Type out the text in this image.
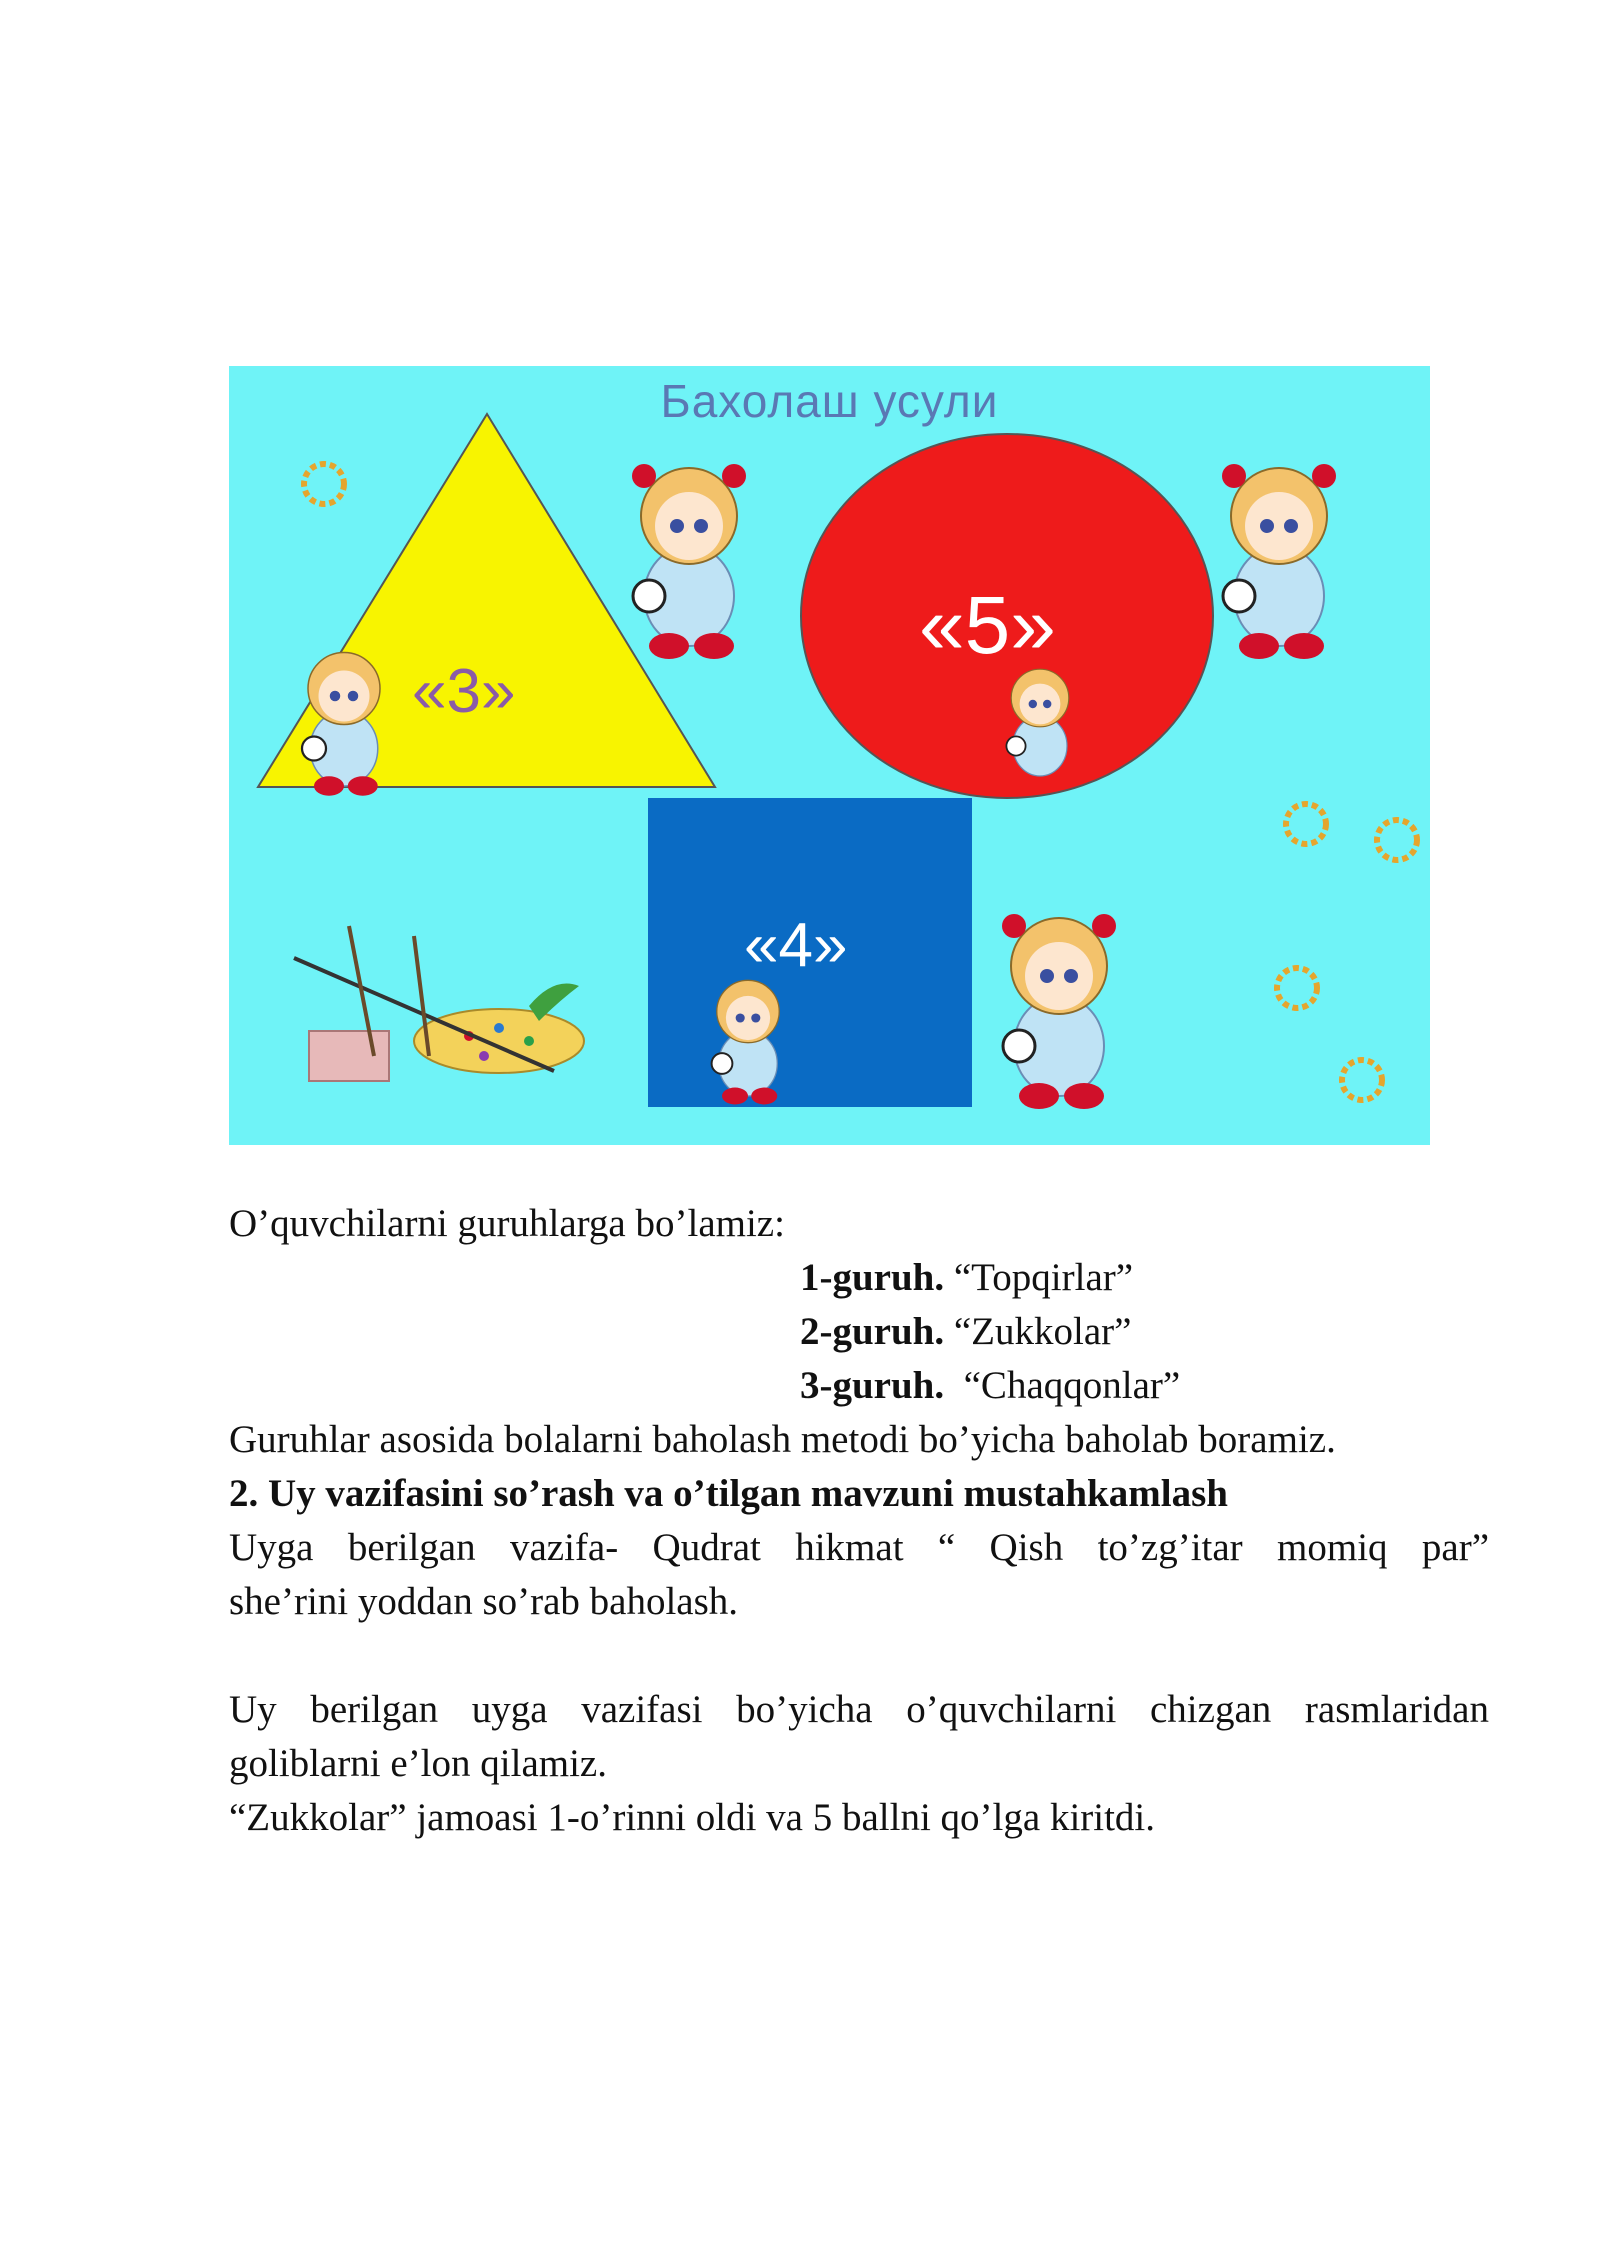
Бахолаш усули
«3»
«5»
«4»
O’quvchilarni guruhlarga bo’lamiz:
1-guruh. “Topqirlar”
2-guruh. “Zukkolar”
3-guruh.  “Chaqqonlar”
Guruhlar asosida bolalarni baholash metodi bo’yicha baholab boramiz.
2. Uy vazifasini so’rash va o’tilgan mavzuni mustahkamlash
Uyga berilgan vazifa- Qudrat hikmat “ Qish to’zg’itar momiq par”
she’rini yoddan so’rab baholash.
Uy berilgan uyga vazifasi bo’yicha o’quvchilarni chizgan rasmlaridan
goliblarni e’lon qilamiz.
“Zukkolar” jamoasi 1-o’rinni oldi va 5 ballni qo’lga kiritdi.
